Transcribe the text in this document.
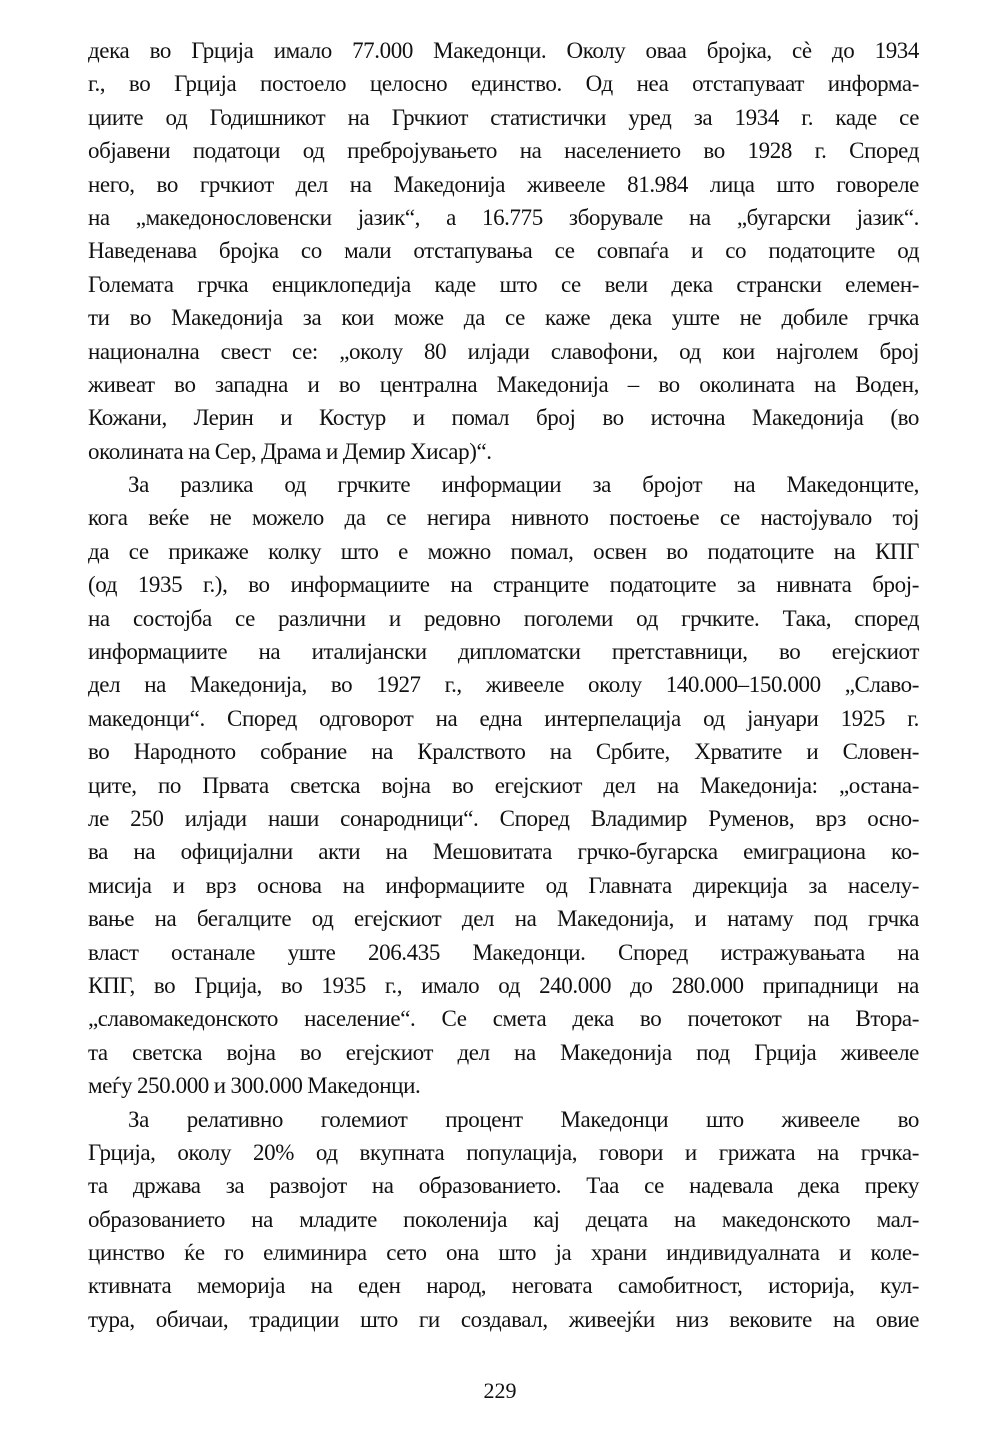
дека во Грција имало 77.000 Македонци. Околу оваа бројка, сè до 1934
г., во Грција постоело целосно единство. Од неа отстапуваат информа-
циите од Годишникот на Грчкиот статистички уред за 1934 г. каде се
објавени податоци од пребројувањето на населението во 1928 г. Според
него, во грчкиот дел на Македонија живееле 81.984 лица што говореле
на „македонословенски јазик“, а 16.775 зборувале на „бугарски јазик“.
Наведенава бројка со мали отстапувања се совпаѓа и со податоците од
Големата грчка енциклопедија каде што се вели дека странски елемен-
ти во Македонија за кои може да се каже дека уште не добиле грчка
национална свест се: „околу 80 илјади славофони, од кои најголем број
живеат во западна и во централна Македонија – во околината на Воден,
Кожани, Лерин и Костур и помал број во источна Македонија (во
околината на Сер, Драма и Демир Хисар)“.
За разлика од грчките информации за бројот на Македонците,
кога веќе не можело да се негира нивното постоење се настојувало тој
да се прикаже колку што е можно помал, освен во податоците на КПГ
(од 1935 г.), во информациите на странците податоците за нивната број-
на состојба се различни и редовно поголеми од грчките. Така, според
информациите на италијански дипломатски претставници, во егејскиот
дел на Македонија, во 1927 г., живееле околу 140.000–150.000 „Славо-
македонци“. Според одговорот на една интерпелација од јануари 1925 г.
во Народното собрание на Кралството на Србите, Хрватите и Словен-
ците, по Првата светска војна во егејскиот дел на Македонија: „остана-
ле 250 илјади наши сонародници“. Според Владимир Руменов, врз осно-
ва на официјални акти на Мешовитата грчко-бугарска емиграциона ко-
мисија и врз основа на информациите од Главната дирекција за населу-
вање на бегалците од егејскиот дел на Македонија, и натаму под грчка
власт останале уште 206.435 Македонци. Според истражувањата на
КПГ, во Грција, во 1935 г., имало од 240.000 до 280.000 припадници на
„славомакедонското население“. Се смета дека во почетокот на Втора-
та светска војна во егејскиот дел на Македонија под Грција живееле
меѓу 250.000 и 300.000 Македонци.
За релативно големиот процент Македонци што живееле во
Грција, околу 20% од вкупната популација, говори и грижата на грчка-
та држава за развојот на образованието. Таа се надевала дека преку
образованието на младите поколенија кај децата на македонското мал-
цинство ќе го елиминира сето она што ја храни индивидуалната и коле-
ктивната меморија на еден народ, неговата самобитност, историја, кул-
тура, обичаи, традиции што ги создавал, живеејќи низ вековите на овие
229
